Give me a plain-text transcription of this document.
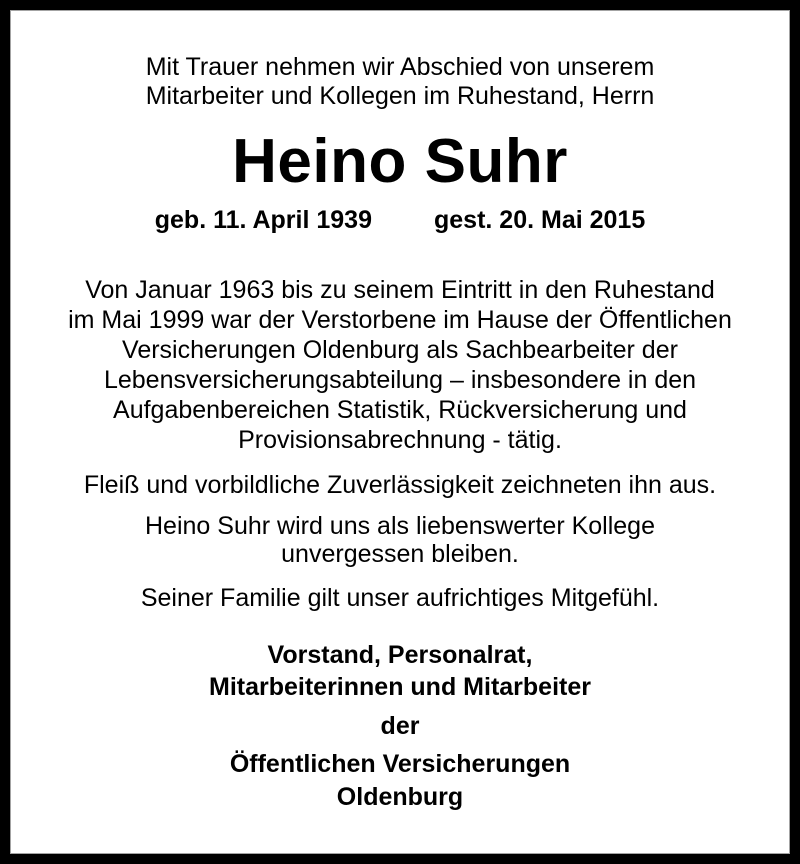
Mit Trauer nehmen wir Abschied von unserem
Mitarbeiter und Kollegen im Ruhestand, Herrn
Heino Suhr
geb. 11. April 1939 gest. 20. Mai 2015
Von Januar 1963 bis zu seinem Eintritt in den Ruhestand
im Mai 1999 war der Verstorbene im Hause der Öffentlichen
Versicherungen Oldenburg als Sachbearbeiter der
Lebensversicherungsabteilung – insbesondere in den
Aufgabenbereichen Statistik, Rückversicherung und
Provisionsabrechnung - tätig.
Fleiß und vorbildliche Zuverlässigkeit zeichneten ihn aus.
Heino Suhr wird uns als liebenswerter Kollege
unvergessen bleiben.
Seiner Familie gilt unser aufrichtiges Mitgefühl.
Vorstand, Personalrat,
Mitarbeiterinnen und Mitarbeiter
der
Öffentlichen Versicherungen
Oldenburg
